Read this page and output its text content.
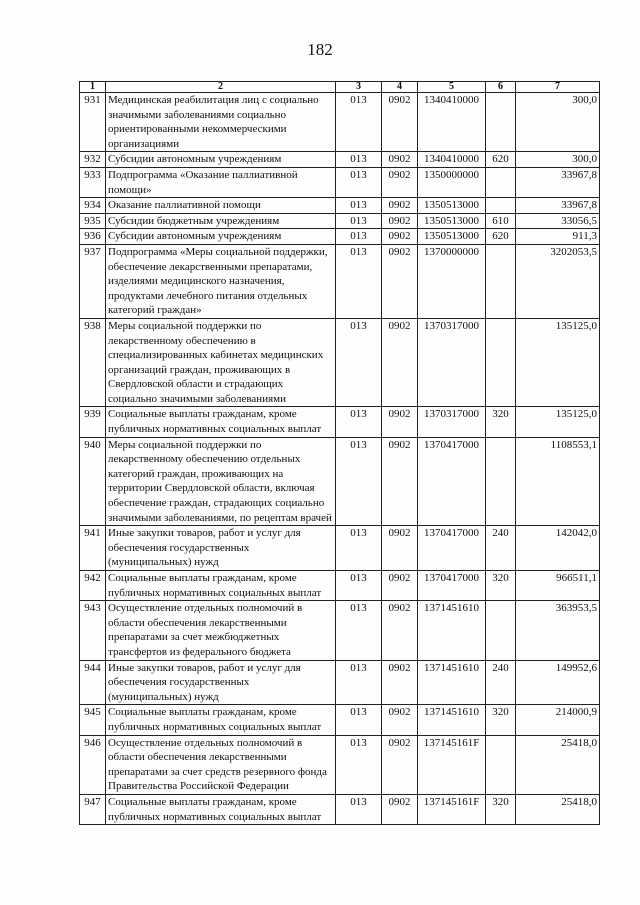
182
1	2	3	4	5	6	7
931	Медицинская реабилитация лиц с социально значимыми заболеваниями социально ориентированными некоммерческими организациями	013	0902	1340410000		300,0
932	Субсидии автономным учреждениям	013	0902	1340410000	620	300,0
933	Подпрограмма «Оказание паллиативной помощи»	013	0902	1350000000		33967,8
934	Оказание паллиативной помощи	013	0902	1350513000		33967,8
935	Субсидии бюджетным учреждениям	013	0902	1350513000	610	33056,5
936	Субсидии автономным учреждениям	013	0902	1350513000	620	911,3
937	Подпрограмма «Меры социальной поддержки, обеспечение лекарственными препаратами, изделиями медицинского назначения, продуктами лечебного питания отдельных категорий граждан»	013	0902	1370000000		3202053,5
938	Меры социальной поддержки по лекарственному обеспечению в специализированных кабинетах медицинских организаций граждан, проживающих в Свердловской области и страдающих социально значимыми заболеваниями	013	0902	1370317000		135125,0
939	Социальные выплаты гражданам, кроме публичных нормативных социальных выплат	013	0902	1370317000	320	135125,0
940	Меры социальной поддержки по лекарственному обеспечению отдельных категорий граждан, проживающих на территории Свердловской области, включая обеспечение граждан, страдающих социально значимыми заболеваниями, по рецептам врачей	013	0902	1370417000		1108553,1
941	Иные закупки товаров, работ и услуг для обеспечения государственных (муниципальных) нужд	013	0902	1370417000	240	142042,0
942	Социальные выплаты гражданам, кроме публичных нормативных социальных выплат	013	0902	1370417000	320	966511,1
943	Осуществление отдельных полномочий в области обеспечения лекарственными препаратами за счет межбюджетных трансфертов из федерального бюджета	013	0902	1371451610		363953,5
944	Иные закупки товаров, работ и услуг для обеспечения государственных (муниципальных) нужд	013	0902	1371451610	240	149952,6
945	Социальные выплаты гражданам, кроме публичных нормативных социальных выплат	013	0902	1371451610	320	214000,9
946	Осуществление отдельных полномочий в области обеспечения лекарственными препаратами за счет средств резервного фонда Правительства Российской Федерации	013	0902	137145161F		25418,0
947	Социальные выплаты гражданам, кроме публичных нормативных социальных выплат	013	0902	137145161F	320	25418,0
